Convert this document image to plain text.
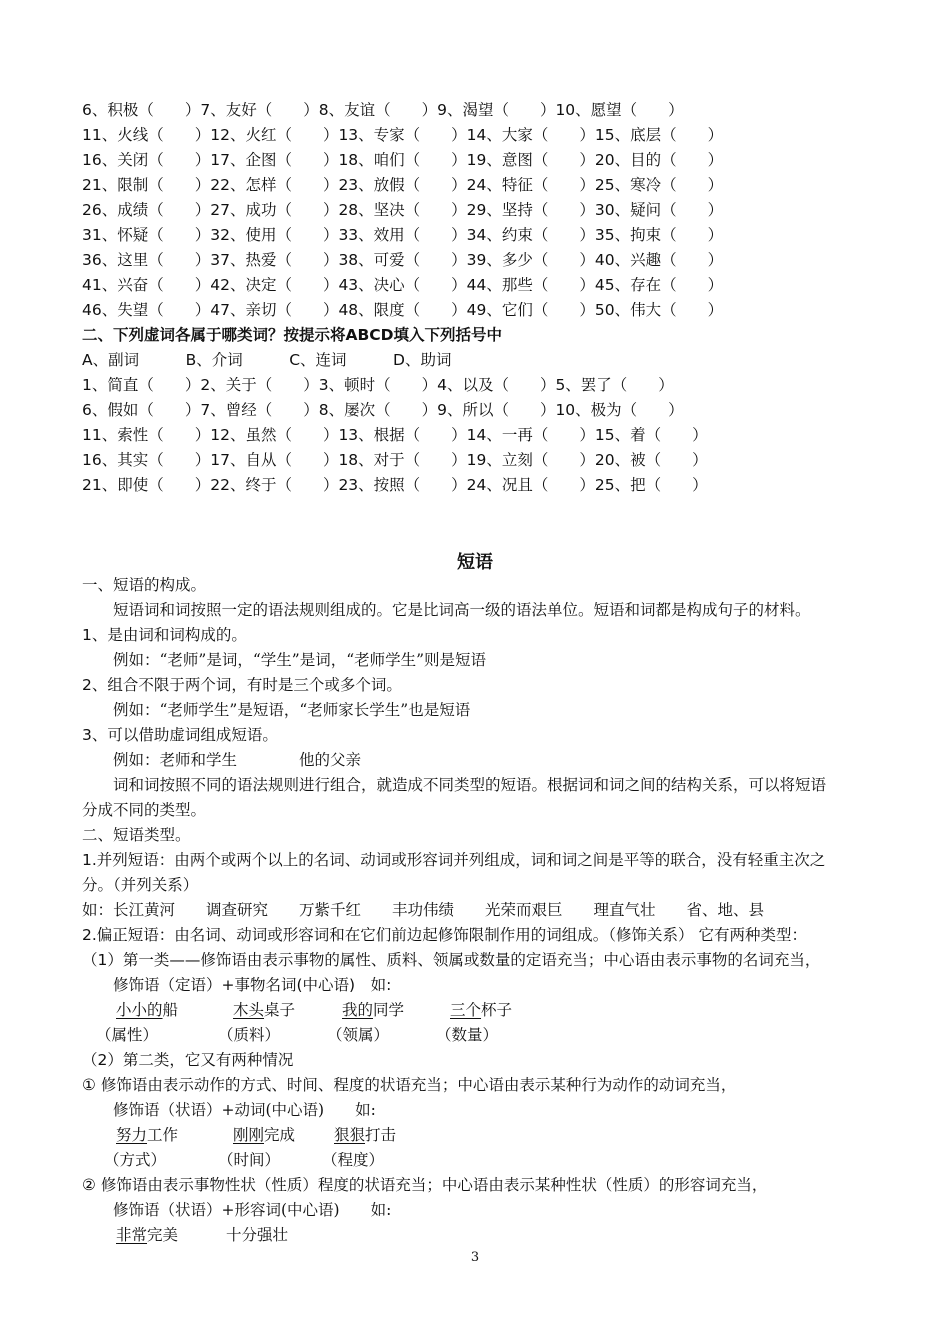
6、积极（　　）7、友好（　　）8、友谊（　　）9、渴望（　　）10、愿望（　　）
11、火线（　　）12、火红（　　）13、专家（　　）14、大家（　　）15、底层（　　）
16、关闭（　　）17、企图（　　）18、咱们（　　）19、意图（　　）20、目的（　　）
21、限制（　　）22、怎样（　　）23、放假（　　）24、特征（　　）25、寒冷（　　）
26、成绩（　　）27、成功（　　）28、坚决（　　）29、坚持（　　）30、疑问（　　）
31、怀疑（　　）32、使用（　　）33、效用（　　）34、约束（　　）35、拘束（　　）
36、这里（　　）37、热爱（　　）38、可爱（　　）39、多少（　　）40、兴趣（　　）
41、兴奋（　　）42、决定（　　）43、决心（　　）44、那些（　　）45、存在（　　）
46、失望（　　）47、亲切（　　）48、限度（　　）49、它们（　　）50、伟大（　　）
二、下列虚词各属于哪类词？按提示将ABCD填入下列括号中
A、副词　　　B、介词　　　C、连词　　　D、助词
1、简直（　　）2、关于（　　）3、顿时（　　）4、以及（　　）5、罢了（　　）
6、假如（　　）7、曾经（　　）8、屡次（　　）9、所以（　　）10、极为（　　）
11、索性（　　）12、虽然（　　）13、根据（　　）14、一再（　　）15、着（　　）
16、其实（　　）17、自从（　　）18、对于（　　）19、立刻（　　）20、被（　　）
21、即使（　　）22、终于（　　）23、按照（　　）24、况且（　　）25、把（　　）
短语
一、短语的构成。
　　短语词和词按照一定的语法规则组成的。它是比词高一级的语法单位。短语和词都是构成句子的材料。
1、是由词和词构成的。
　　例如：“老师”是词，“学生”是词，“老师学生”则是短语
2、组合不限于两个词，有时是三个或多个词。
　　例如：“老师学生”是短语，“老师家长学生”也是短语
3、可以借助虚词组成短语。
　　例如：老师和学生　　　　他的父亲
　　词和词按照不同的语法规则进行组合，就造成不同类型的短语。根据词和词之间的结构关系，可以将短语
分成不同的类型。
二、短语类型。
1.并列短语：由两个或两个以上的名词、动词或形容词并列组成，词和词之间是平等的联合，没有轻重主次之
分。（并列关系）
如：长江黄河　　调查研究　　万紫千红　　丰功伟绩　　光荣而艰巨　　理直气壮　　省、地、县
2.偏正短语：由名词、动词或形容词和在它们前边起修饰限制作用的词组成。（修饰关系） 它有两种类型：
（1）第一类——修饰语由表示事物的属性、质料、领属或数量的定语充当；中心语由表示事物的名词充当，
　　修饰语（定语）+事物名词(中心语)　如:
小小的船	木头桌子	我的同学	三个杯子
（属性）	（质料）	（领属）	（数量）
（2）第二类，它又有两种情况
① 修饰语由表示动作的方式、时间、程度的状语充当；中心语由表示某种行为动作的动词充当，
　　修饰语（状语）+动词(中心语)　　如:
努力工作	刚刚完成	狠狠打击
（方式）	（时间）	（程度）
② 修饰语由表示事物性状（性质）程度的状语充当；中心语由表示某种性状（性质）的形容词充当，
　　修饰语（状语）+形容词(中心语)　　如:
非常完美	十分强壮
3
